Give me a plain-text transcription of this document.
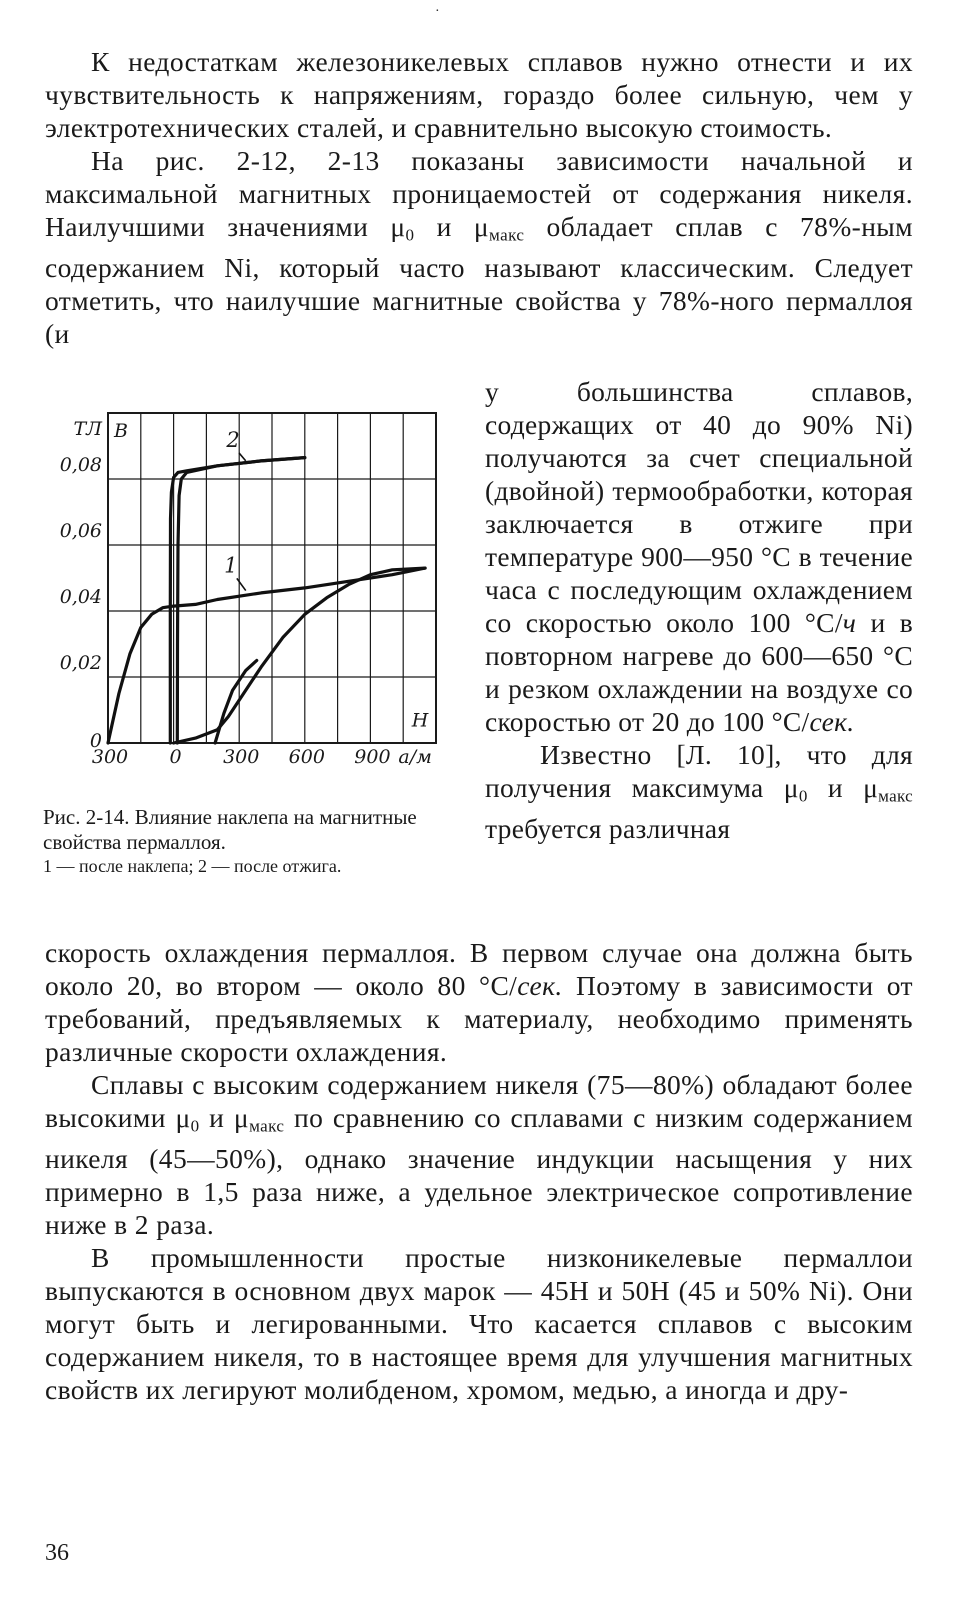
·

К недостаткам железоникелевых сплавов нужно отнести и их чувствительность к напряжениям, гораздо более сильную, чем у электротехнических сталей, и сравнительно высокую стоимость.

На рис. 2-12, 2-13 показаны зависимости начальной и максимальной магнитных проницаемостей от содержания никеля. Наилучшими значениями $\mu_0$ и $\mu_{макс}$ обладает сплав с 78%-ным содержанием Ni, который часто называют классическим. Следует отметить, что наилучшие магнитные свойства у 78%-ного пермаллоя (и

у большинства сплавов, содержащих от 40 до 90% Ni) получаются за счет специальной (двойной) термообработки, которая заключается в отжиге при температуре 900—950 °С в течение часа с последующим охлаждением со скоростью около 100 °С/ч и в повторном нагреве до 600—650 °С и резком охлаждении на воздухе со скоростью от 20 до 100 °С/сек.

Известно [Л. 10], что для получения максимума $\mu_0$ и $\mu_{макс}$ требуется различная

0
0,02
0,04
0,06
0,08
300 0 300 600 900 а/м
ТЛ B
H
2
1
Рис. 2-14. Влияние наклепа на магнитные свойства пермаллоя.
1 — после наклепа; 2 — после отжига.

скорость охлаждения пермаллоя. В первом случае она должна быть около 20, во втором — около 80 °С/сек. Поэтому в зависимости от требований, предъявляемых к материалу, необходимо применять различные скорости охлаждения.

Сплавы с высоким содержанием никеля (75—80%) обладают более высокими $\mu_0$ и $\mu_{макс}$ по сравнению со сплавами с низким содержанием никеля (45—50%), однако значение индукции насыщения у них примерно в 1,5 раза ниже, а удельное электрическое сопротивление ниже в 2 раза.

В промышленности простые низконикелевые пермаллои выпускаются в основном двух марок — 45Н и 50Н (45 и 50% Ni). Они могут быть и легированными. Что касается сплавов с высоким содержанием никеля, то в настоящее время для улучшения магнитных свойств их легируют молибденом, хромом, медью, а иногда и дру-

36
